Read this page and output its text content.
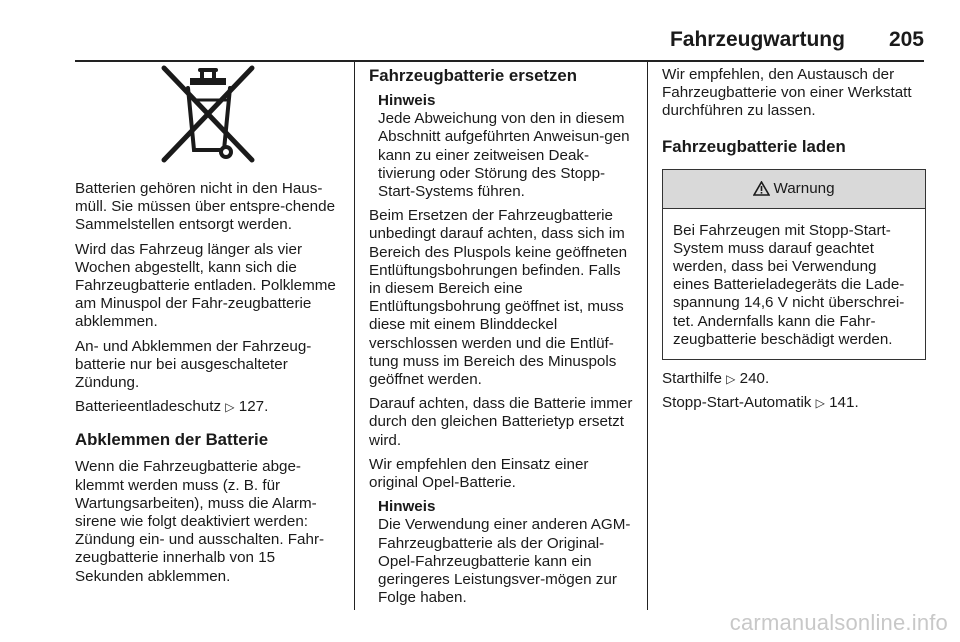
Fahrzeugwartung 205

Batterien gehören nicht in den Haus-müll. Sie müssen über entspre-chende Sammelstellen entsorgt werden.

Wird das Fahrzeug länger als vier Wochen abgestellt, kann sich die Fahrzeugbatterie entladen. Polklemme am Minuspol der Fahr-zeugbatterie abklemmen.

An- und Abklemmen der Fahrzeug-batterie nur bei ausgeschalteter Zündung.

Batterieentladeschutz ▷ 127.

Abklemmen der Batterie

Wenn die Fahrzeugbatterie abge-klemmt werden muss (z. B. für Wartungsarbeiten), muss die Alarm-sirene wie folgt deaktiviert werden: Zündung ein- und ausschalten. Fahr-zeugbatterie innerhalb von 15 Sekunden abklemmen.

Fahrzeugbatterie ersetzen
Hinweis
Jede Abweichung von den in diesem Abschnitt aufgeführten Anweisun-gen kann zu einer zeitweisen Deak-tivierung oder Störung des Stopp-Start-Systems führen.

Beim Ersetzen der Fahrzeugbatterie unbedingt darauf achten, dass sich im Bereich des Pluspols keine geöffneten Entlüftungsbohrungen befinden. Falls in diesem Bereich eine Entlüftungsbohrung geöffnet ist, muss diese mit einem Blinddeckel verschlossen werden und die Entlüf-tung muss im Bereich des Minuspols geöffnet werden.

Darauf achten, dass die Batterie immer durch den gleichen Batterietyp ersetzt wird.

Wir empfehlen den Einsatz einer original Opel-Batterie.

Hinweis
Die Verwendung einer anderen AGM-Fahrzeugbatterie als der Original-Opel-Fahrzeugbatterie kann ein geringeres Leistungsver-mögen zur Folge haben.

Wir empfehlen, den Austausch der Fahrzeugbatterie von einer Werkstatt durchführen zu lassen.

Fahrzeugbatterie laden
Warnung
Bei Fahrzeugen mit Stopp-Start-System muss darauf geachtet werden, dass bei Verwendung eines Batterieladegeräts die Lade-spannung 14,6 V nicht überschrei-tet. Andernfalls kann die Fahr-zeugbatterie beschädigt werden.

Starthilfe ▷ 240.

Stopp-Start-Automatik ▷ 141.

carmanualsonline.info
